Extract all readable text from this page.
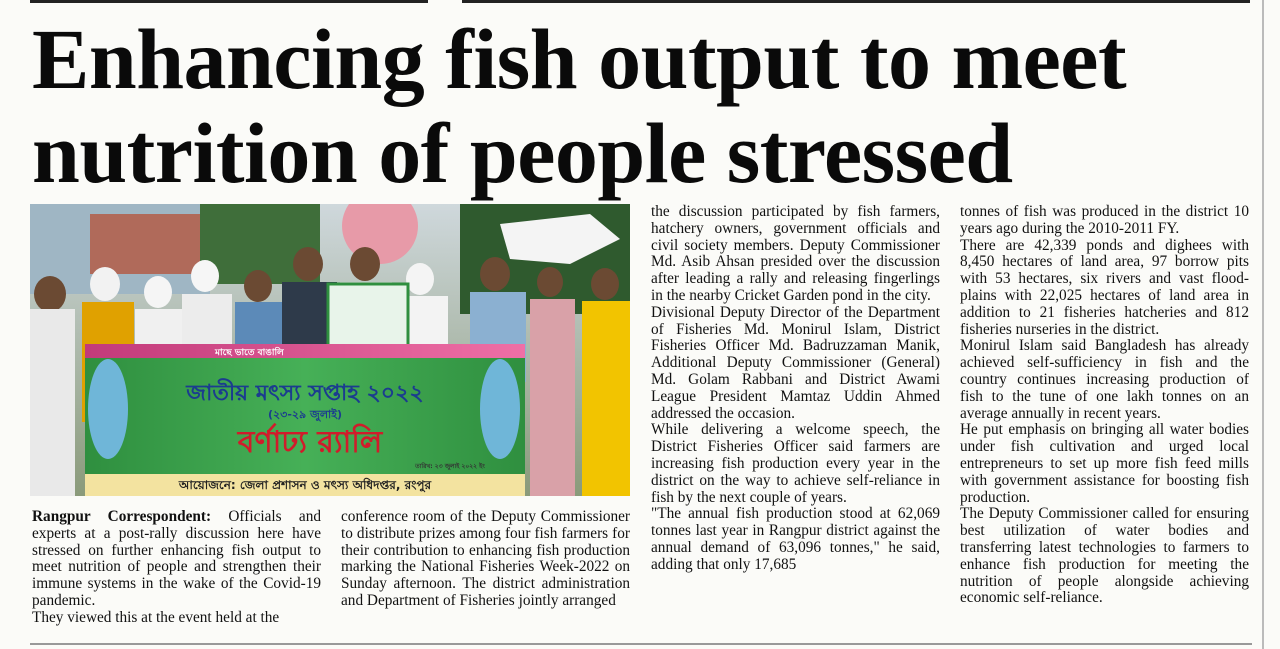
Enhancing fish output to meet nutrition of people stressed
মাছে ভাতে বাঙালি
জাতীয় মৎস্য সপ্তাহ ২০২২
(২৩-২৯ জুলাই)
বর্ণাঢ্য র‍্যালি
তারিখ: ২৩ জুলাই ২০২২ ইং
আয়োজনে: জেলা প্রশাসন ও মৎস্য অধিদপ্তর, রংপুর

Rangpur Correspondent: Officials and experts at a post-rally discussion here have stressed on further enhancing fish output to meet nutrition of people and strengthen their immune systems in the wake of the Covid-19 pandemic.

They viewed this at the event held at the

conference room of the Deputy Commissioner to distribute prizes among four fish farmers for their contribution to enhancing fish production marking the National Fisheries Week-2022 on Sunday afternoon. The district administration and Department of Fisheries jointly arranged

the discussion participated by fish farmers, hatchery owners, government officials and civil society members. Deputy Commissioner Md. Asib Ahsan presided over the discussion after leading a rally and releasing fingerlings in the nearby Cricket Garden pond in the city.

Divisional Deputy Director of the Department of Fisheries Md. Monirul Islam, District Fisheries Officer Md. Badruzzaman Manik, Additional Deputy Commissioner (General) Md. Golam Rabbani and District Awami League President Mamtaz Uddin Ahmed addressed the occasion.

While delivering a welcome speech, the District Fisheries Officer said farmers are increasing fish production every year in the district on the way to achieve self-reliance in fish by the next couple of years.

"The annual fish production stood at 62,069 tonnes last year in Rangpur district against the annual demand of 63,096 tonnes," he said, adding that only 17,685

tonnes of fish was produced in the district 10 years ago during the 2010-2011 FY.

There are 42,339 ponds and dighees with 8,450 hectares of land area, 97 borrow pits with 53 hectares, six rivers and vast flood-plains with 22,025 hectares of land area in addition to 21 fisheries hatcheries and 812 fisheries nurseries in the district.

Monirul Islam said Bangladesh has already achieved self-sufficiency in fish and the country continues increasing production of fish to the tune of one lakh tonnes on an average annually in recent years.

He put emphasis on bringing all water bodies under fish cultivation and urged local entrepreneurs to set up more fish feed mills with government assistance for boosting fish production.

The Deputy Commissioner called for ensuring best utilization of water bodies and transferring latest technologies to farmers to enhance fish production for meeting the nutrition of people alongside achieving economic self-reliance.
